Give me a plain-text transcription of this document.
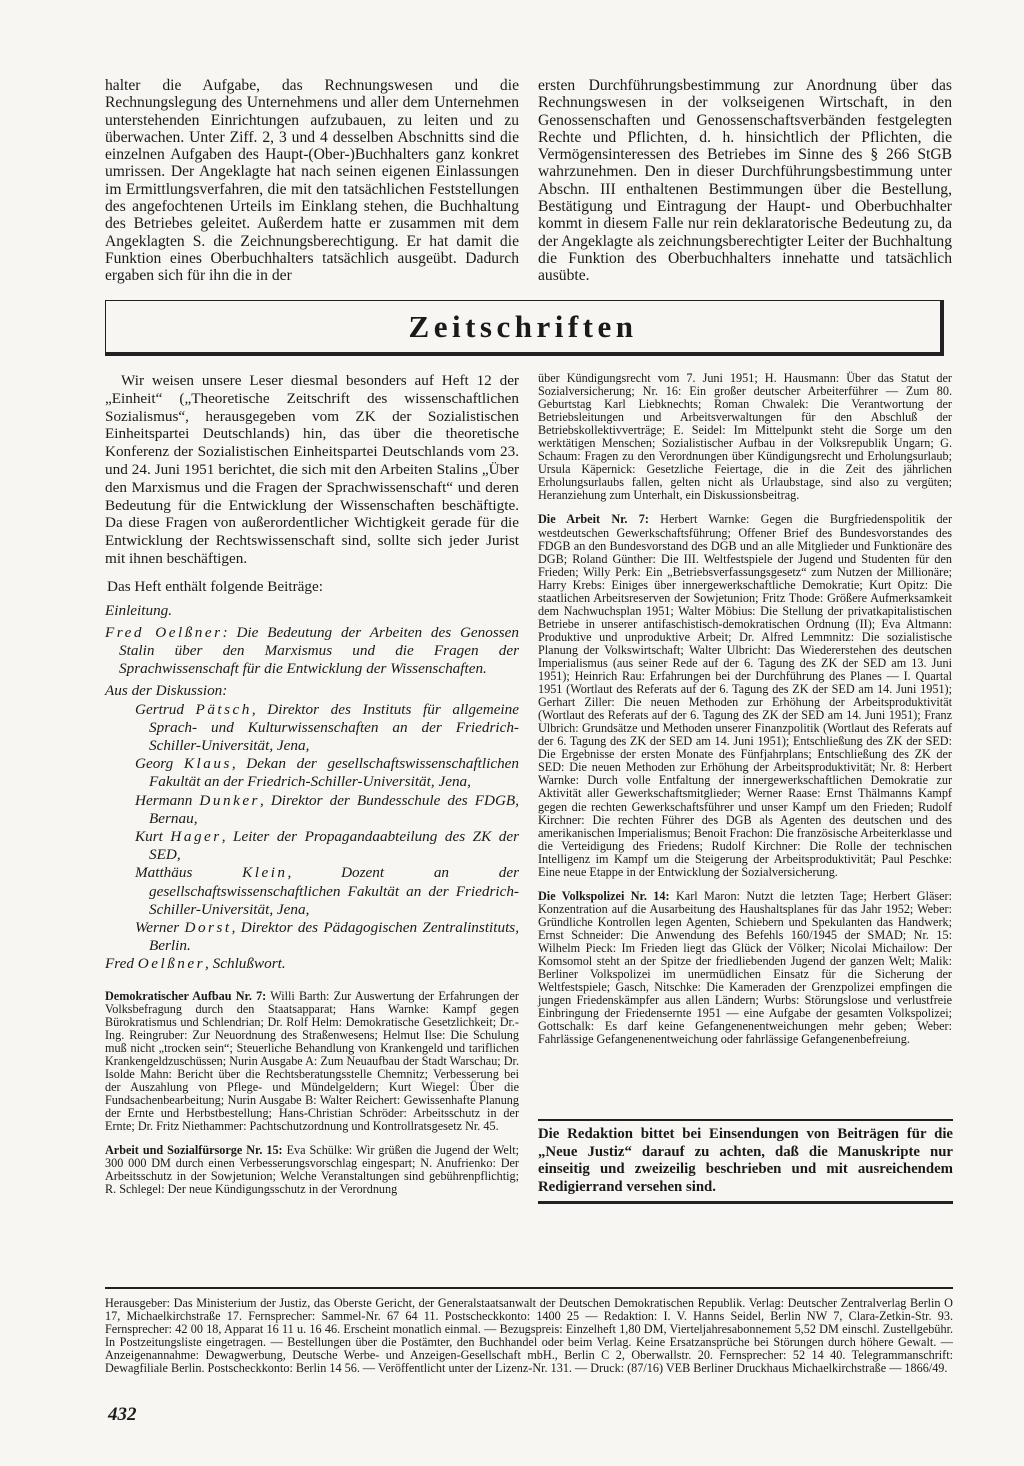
halter die Aufgabe, das Rechnungswesen und die Rechnungslegung des Unternehmens und aller dem Unternehmen unterstehenden Einrichtungen aufzubauen, zu leiten und zu überwachen. Unter Ziff. 2, 3 und 4 desselben Abschnitts sind die einzelnen Aufgaben des Haupt-(Ober-)Buchhalters ganz konkret umrissen. Der Angeklagte hat nach seinen eigenen Einlassungen im Ermittlungsverfahren, die mit den tatsächlichen Feststellungen des angefochtenen Urteils im Einklang stehen, die Buchhaltung des Betriebes geleitet. Außerdem hatte er zusammen mit dem Angeklagten S. die Zeichnungsberechtigung. Er hat damit die Funktion eines Oberbuchhalters tatsächlich ausgeübt. Dadurch ergaben sich für ihn die in der

ersten Durchführungsbestimmung zur Anordnung über das Rechnungswesen in der volkseigenen Wirtschaft, in den Genossenschaften und Genossenschaftsverbänden festgelegten Rechte und Pflichten, d. h. hinsichtlich der Pflichten, die Vermögensinteressen des Betriebes im Sinne des § 266 StGB wahrzunehmen. Den in dieser Durchführungsbestimmung unter Abschn. III enthaltenen Bestimmungen über die Bestellung, Bestätigung und Eintragung der Haupt- und Oberbuchhalter kommt in diesem Falle nur rein deklaratorische Bedeutung zu, da der Angeklagte als zeichnungsberechtigter Leiter der Buchhaltung die Funktion des Oberbuchhalters innehatte und tatsächlich ausübte.

Zeitschriften

Wir weisen unsere Leser diesmal besonders auf Heft 12 der „Einheit“ („Theoretische Zeitschrift des wissenschaftlichen Sozialismus“, herausgegeben vom ZK der Sozialistischen Einheitspartei Deutschlands) hin, das über die theoretische Konferenz der Sozialistischen Einheitspartei Deutschlands vom 23. und 24. Juni 1951 berichtet, die sich mit den Arbeiten Stalins „Über den Marxismus und die Fragen der Sprachwissenschaft“ und deren Bedeutung für die Entwicklung der Wissenschaften beschäftigte. Da diese Fragen von außerordentlicher Wichtigkeit gerade für die Entwicklung der Rechtswissenschaft sind, sollte sich jeder Jurist mit ihnen beschäftigen.

Das Heft enthält folgende Beiträge:

Einleitung.

Fred Oelßner: Die Bedeutung der Arbeiten des Genossen Stalin über den Marxismus und die Fragen der Sprachwissenschaft für die Entwicklung der Wissenschaften.

Aus der Diskussion:

Gertrud Pätsch, Direktor des Instituts für allgemeine Sprach- und Kulturwissenschaften an der Friedrich-Schiller-Universität, Jena,

Georg Klaus, Dekan der gesellschaftswissenschaftlichen Fakultät an der Friedrich-Schiller-Universität, Jena,

Hermann Dunker, Direktor der Bundesschule des FDGB, Bernau,

Kurt Hager, Leiter der Propagandaabteilung des ZK der SED,

Matthäus	Klein, Dozent an der gesellschaftswissenschaftlichen Fakultät an der Friedrich-Schiller-Universität, Jena,

Werner Dorst, Direktor des Pädagogischen Zentralinstituts, Berlin.

Fred Oelßner, Schlußwort.

Demokratischer Aufbau Nr. 7: Willi Barth: Zur Auswertung der Erfahrungen der Volksbefragung durch den Staatsapparat; Hans Warnke: Kampf gegen Bürokratismus und Schlendrian; Dr. Rolf Helm: Demokratische Gesetzlichkeit; Dr.-Ing. Reingruber: Zur Neuordnung des Straßenwesens; Helmut Ilse: Die Schulung muß nicht „trocken sein“; Steuerliche Behandlung von Krankengeld und tariflichen Krankengeldzuschüssen; Nurin Ausgabe A: Zum Neuaufbau der Stadt Warschau; Dr. Isolde Mahn: Bericht über die Rechtsberatungsstelle Chemnitz; Verbesserung bei der Auszahlung von Pflege- und Mündelgeldern; Kurt Wiegel: Über die Fundsachenbearbeitung; Nurin Ausgabe B: Walter Reichert: Gewissenhafte Planung der Ernte und Herbstbestellung; Hans-Christian Schröder: Arbeitsschutz in der Ernte; Dr. Fritz Niethammer: Pachtschutzordnung und Kontrollratsgesetz Nr. 45.

Arbeit und Sozialfürsorge Nr. 15: Eva Schülke: Wir grüßen die Jugend der Welt; 300 000 DM durch einen Verbesserungsvorschlag eingespart; N. Anufrienko: Der Arbeitsschutz in der Sowjetunion; Welche Veranstaltungen sind gebührenpflichtig; R. Schlegel: Der neue Kündigungsschutz in der Verordnung

über Kündigungsrecht vom 7. Juni 1951; H. Hausmann: Über das Statut der Sozialversicherung; Nr. 16: Ein großer deutscher Arbeiterführer — Zum 80. Geburtstag Karl Liebknechts; Roman Chwalek: Die Verantwortung der Betriebsleitungen und Arbeitsverwaltungen für den Abschluß der Betriebskollektivverträge; E. Seidel: Im Mittelpunkt steht die Sorge um den werktätigen Menschen; Sozialistischer Aufbau in der Volksrepublik Ungarn; G. Schaum: Fragen zu den Verordnungen über Kündigungsrecht und Erholungsurlaub; Ursula Käpernick: Gesetzliche Feiertage, die in die Zeit des jährlichen Erholungsurlaubs fallen, gelten nicht als Urlaubstage, sind also zu vergüten; Heranziehung zum Unterhalt, ein Diskussionsbeitrag.

Die Arbeit Nr. 7: Herbert Warnke: Gegen die Burgfriedenspolitik der westdeutschen Gewerkschaftsführung; Offener Brief des Bundesvorstandes des FDGB an den Bundesvorstand des DGB und an alle Mitglieder und Funktionäre des DGB; Roland Günther: Die III. Weltfestspiele der Jugend und Studenten für den Frieden; Willy Perk: Ein „Betriebsverfassungsgesetz“ zum Nutzen der Millionäre; Harry Krebs: Einiges über innergewerkschaftliche Demokratie; Kurt Opitz: Die staatlichen Arbeitsreserven der Sowjetunion; Fritz Thode: Größere Aufmerksamkeit dem Nachwuchsplan 1951; Walter Möbius: Die Stellung der privatkapitalistischen Betriebe in unserer antifaschistisch-demokratischen Ordnung (II); Eva Altmann: Produktive und unproduktive Arbeit; Dr. Alfred Lemmnitz: Die sozialistische Planung der Volkswirtschaft; Walter Ulbricht: Das Wiedererstehen des deutschen Imperialismus (aus seiner Rede auf der 6. Tagung des ZK der SED am 13. Juni 1951); Heinrich Rau: Erfahrungen bei der Durchführung des Planes — I. Quartal 1951 (Wortlaut des Referats auf der 6. Tagung des ZK der SED am 14. Juni 1951); Gerhart Ziller: Die neuen Methoden zur Erhöhung der Arbeitsproduktivität (Wortlaut des Referats auf der 6. Tagung des ZK der SED am 14. Juni 1951); Franz Ulbrich: Grundsätze und Methoden unserer Finanzpolitik (Wortlaut des Referats auf der 6. Tagung des ZK der SED am 14. Juni 1951); Entschließung des ZK der SED: Die Ergebnisse der ersten Monate des Fünfjahrplans; Entschließung des ZK der SED: Die neuen Methoden zur Erhöhung der Arbeitsproduktivität; Nr. 8: Herbert Warnke: Durch volle Entfaltung der innergewerkschaftlichen Demokratie zur Aktivität aller Gewerkschaftsmitglieder; Werner Raase: Ernst Thälmanns Kampf gegen die rechten Gewerkschaftsführer und unser Kampf um den Frieden; Rudolf Kirchner: Die rechten Führer des DGB als Agenten des deutschen und des amerikanischen Imperialismus; Benoit Frachon: Die französische Arbeiterklasse und die Verteidigung des Friedens; Rudolf Kirchner: Die Rolle der technischen Intelligenz im Kampf um die Steigerung der Arbeitsproduktivität; Paul Peschke: Eine neue Etappe in der Entwicklung der Sozialversicherung.

Die Volkspolizei Nr. 14: Karl Maron: Nutzt die letzten Tage; Herbert Gläser: Konzentration auf die Ausarbeitung des Haushaltsplanes für das Jahr 1952; Weber: Gründliche Kontrollen legen Agenten, Schiebern und Spekulanten das Handwerk; Ernst Schneider: Die Anwendung des Befehls 160/1945 der SMAD; Nr. 15: Wilhelm Pieck: Im Frieden liegt das Glück der Völker; Nicolai Michailow: Der Komsomol steht an der Spitze der friedliebenden Jugend der ganzen Welt; Malik: Berliner Volkspolizei im unermüdlichen Einsatz für die Sicherung der Weltfestspiele; Gasch, Nitschke: Die Kameraden der Grenzpolizei empfingen die jungen Friedenskämpfer aus allen Ländern; Wurbs: Störungslose und verlustfreie Einbringung der Friedensernte 1951 — eine Aufgabe der gesamten Volkspolizei; Gottschalk: Es darf keine Gefangenenentweichungen mehr geben; Weber: Fahrlässige Gefangenenentweichung oder fahrlässige Gefangenenbefreiung.

Die Redaktion bittet bei Einsendungen von Beiträgen für die „Neue Justiz“ darauf zu achten, daß die Manuskripte nur einseitig und zweizeilig beschrieben und mit ausreichendem Redigierrand versehen sind.

Herausgeber: Das Ministerium der Justiz, das Oberste Gericht, der Generalstaatsanwalt der Deutschen Demokratischen Republik. Verlag: Deutscher Zentralverlag Berlin O 17, Michaelkirchstraße 17. Fernsprecher: Sammel-Nr. 67 64 11. Postscheckkonto: 1400 25 — Redaktion: I. V. Hanns Seidel, Berlin NW 7, Clara-Zetkin-Str. 93. Fernsprecher: 42 00 18, Apparat 16 11 u. 16 46. Erscheint monatlich einmal. — Bezugspreis: Einzelheft 1,80 DM, Vierteljahresabonnement 5,52 DM einschl. Zustellgebühr. In Postzeitungsliste eingetragen. — Bestellungen über die Postämter, den Buchhandel oder beim Verlag. Keine Ersatzansprüche bei Störungen durch höhere Gewalt. — Anzeigenannahme: Dewagwerbung, Deutsche Werbe- und Anzeigen-Gesellschaft mbH., Berlin C 2, Oberwallstr. 20. Fernsprecher: 52 14 40. Telegrammanschrift: Dewagfiliale Berlin. Postscheckkonto: Berlin 14 56. — Veröffentlicht unter der Lizenz-Nr. 131. — Druck: (87/16) VEB Berliner Druckhaus Michaelkirchstraße — 1866/49.

432
